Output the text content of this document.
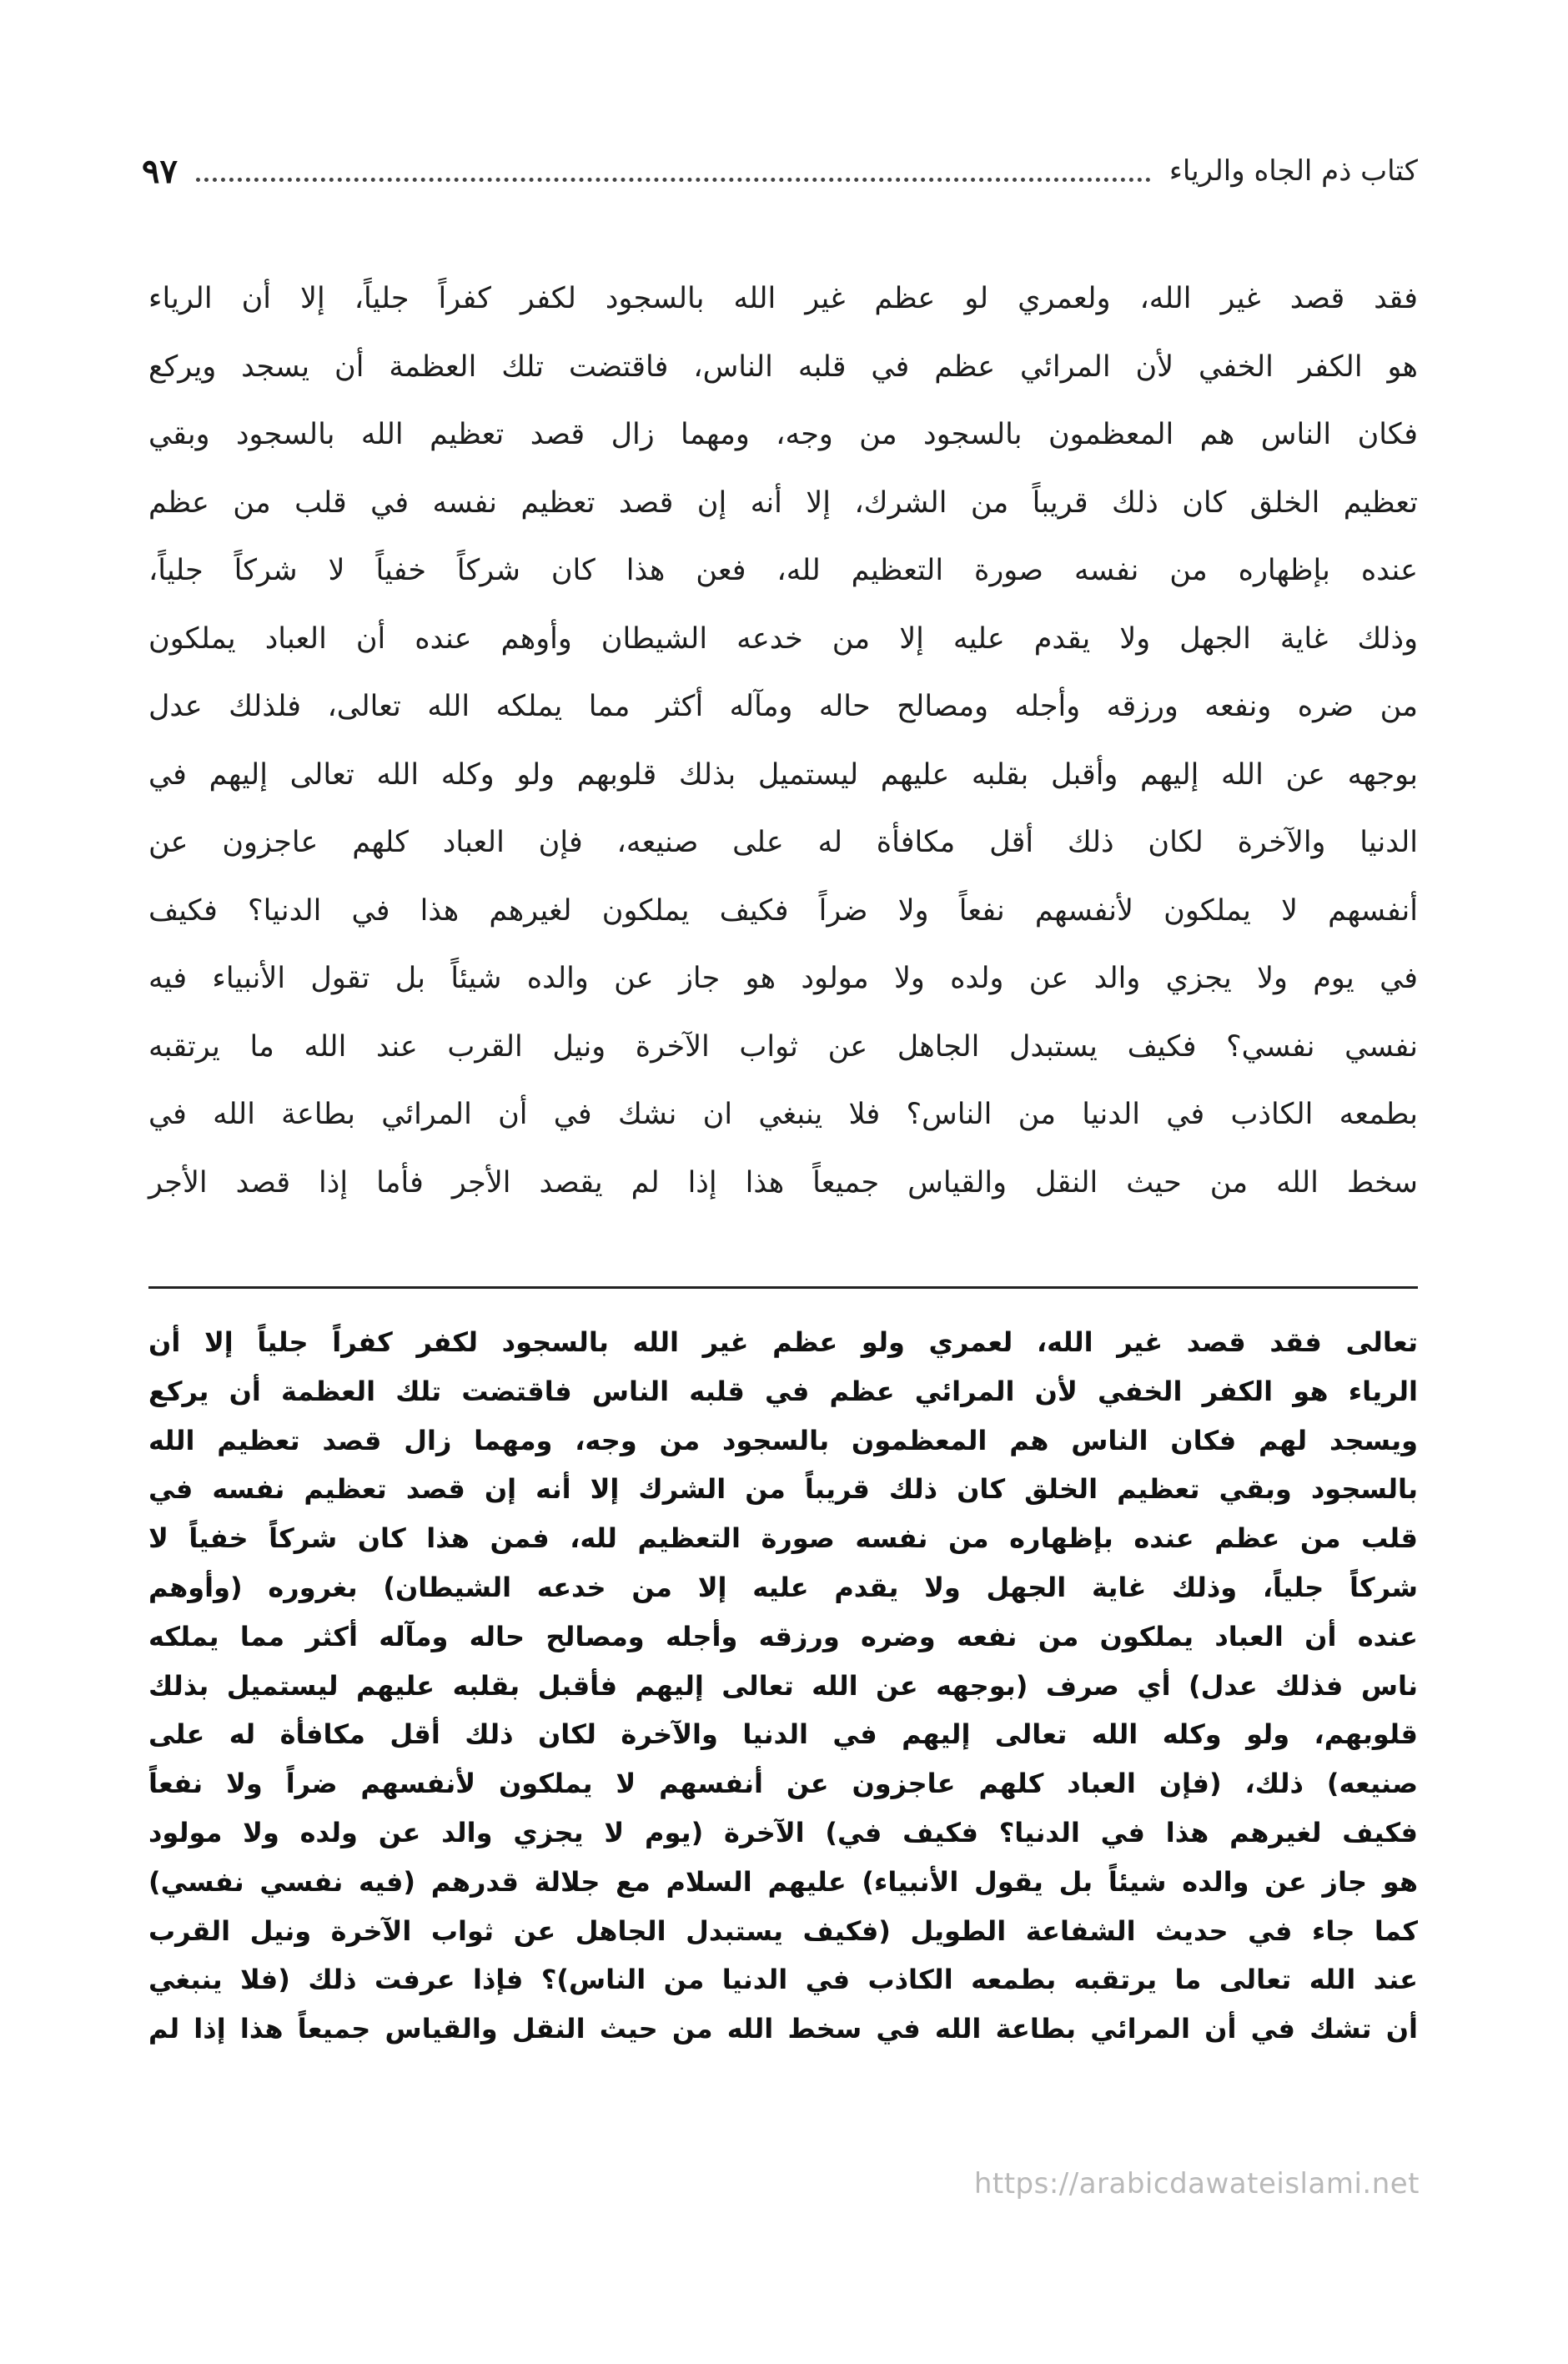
كتاب ذم الجاه والرياء
٩٧
فقد قصد غير الله، ولعمري لو عظم غير الله بالسجود لكفر كفراً جلياً، إلا أن الرياء
هو الكفر الخفي لأن المرائي عظم في قلبه الناس، فاقتضت تلك العظمة أن يسجد ويركع
فكان الناس هم المعظمون بالسجود من وجه، ومهما زال قصد تعظيم الله بالسجود وبقي
تعظيم الخلق كان ذلك قريباً من الشرك، إلا أنه إن قصد تعظيم نفسه في قلب من عظم
عنده بإظهاره من نفسه صورة التعظيم لله، فعن هذا كان شركاً خفياً لا شركاً جلياً،
وذلك غاية الجهل ولا يقدم عليه إلا من خدعه الشيطان وأوهم عنده أن العباد يملكون
من ضره ونفعه ورزقه وأجله ومصالح حاله ومآله أكثر مما يملكه الله تعالى، فلذلك عدل
بوجهه عن الله إليهم وأقبل بقلبه عليهم ليستميل بذلك قلوبهم ولو وكله الله تعالى إليهم في
الدنيا والآخرة لكان ذلك أقل مكافأة له على صنيعه، فإن العباد كلهم عاجزون عن
أنفسهم لا يملكون لأنفسهم نفعاً ولا ضراً فكيف يملكون لغيرهم هذا في الدنيا؟ فكيف
في يوم ولا يجزي والد عن ولده ولا مولود هو جاز عن والده شيئاً بل تقول الأنبياء فيه
نفسي نفسي؟ فكيف يستبدل الجاهل عن ثواب الآخرة ونيل القرب عند الله ما يرتقبه
بطمعه الكاذب في الدنيا من الناس؟ فلا ينبغي ان نشك في أن المرائي بطاعة الله في
سخط الله من حيث النقل والقياس جميعاً هذا إذا لم يقصد الأجر فأما إذا قصد الأجر
تعالى فقد قصد غير الله، لعمري ولو عظم غير الله بالسجود لكفر كفراً جلياً إلا أن
الرياء هو الكفر الخفي لأن المرائي عظم في قلبه الناس فاقتضت تلك العظمة أن يركع
ويسجد لهم فكان الناس هم المعظمون بالسجود من وجه، ومهما زال قصد تعظيم الله
بالسجود وبقي تعظيم الخلق كان ذلك قريباً من الشرك إلا أنه إن قصد تعظيم نفسه في
قلب من عظم عنده بإظهاره من نفسه صورة التعظيم لله، فمن هذا كان شركاً خفياً لا
شركاً جلياً، وذلك غاية الجهل ولا يقدم عليه إلا من خدعه الشيطان) بغروره (وأوهم
عنده أن العباد يملكون من نفعه وضره ورزقه وأجله ومصالح حاله ومآله أكثر مما يملكه
ناس فذلك عدل) أي صرف (بوجهه عن الله تعالى إليهم فأقبل بقلبه عليهم ليستميل بذلك
قلوبهم، ولو وكله الله تعالى إليهم في الدنيا والآخرة لكان ذلك أقل مكافأة له على
صنيعه) ذلك، (فإن العباد كلهم عاجزون عن أنفسهم لا يملكون لأنفسهم ضراً ولا نفعاً
فكيف لغيرهم هذا في الدنيا؟ فكيف في) الآخرة (يوم لا يجزي والد عن ولده ولا مولود
هو جاز عن والده شيئاً بل يقول الأنبياء) عليهم السلام مع جلالة قدرهم (فيه نفسي نفسي)
كما جاء في حديث الشفاعة الطويل (فكيف يستبدل الجاهل عن ثواب الآخرة ونيل القرب
عند الله تعالى ما يرتقبه بطمعه الكاذب في الدنيا من الناس)؟ فإذا عرفت ذلك (فلا ينبغي
أن تشك في أن المرائي بطاعة الله في سخط الله من حيث النقل والقياس جميعاً هذا إذا لم
https://arabicdawateislami.net
